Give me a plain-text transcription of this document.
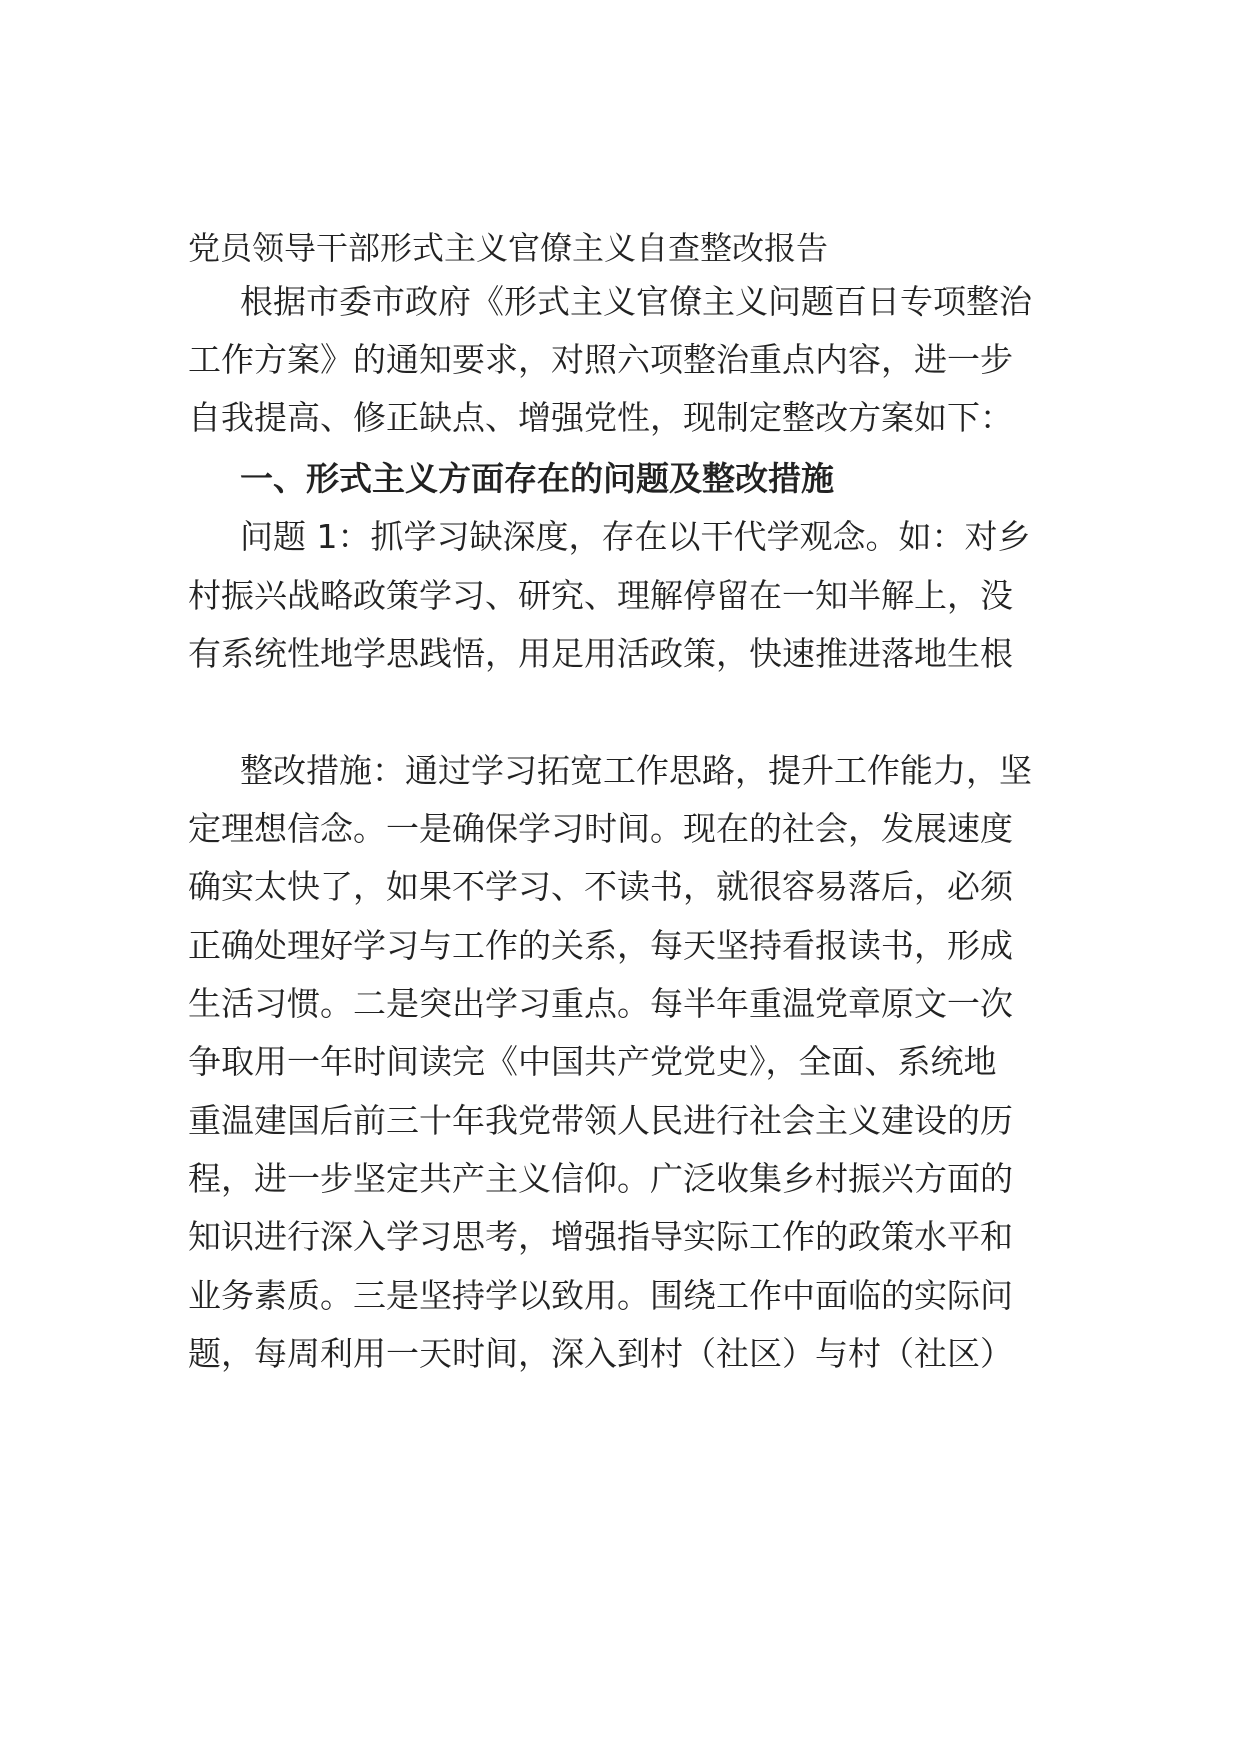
党员领导干部形式主义官僚主义自查整改报告
根据市委市政府《形式主义官僚主义问题百日专项整治
工作方案》的通知要求，对照六项整治重点内容，进一步
自我提高、修正缺点、增强党性，现制定整改方案如下：
一、形式主义方面存在的问题及整改措施
问题 1：抓学习缺深度，存在以干代学观念。如：对乡
村振兴战略政策学习、研究、理解停留在一知半解上，没
有系统性地学思践悟，用足用活政策，快速推进落地生根
整改措施：通过学习拓宽工作思路，提升工作能力，坚
定理想信念。一是确保学习时间。现在的社会，发展速度
确实太快了，如果不学习、不读书，就很容易落后，必须
正确处理好学习与工作的关系，每天坚持看报读书，形成
生活习惯。二是突出学习重点。每半年重温党章原文一次
争取用一年时间读完《中国共产党党史》，全面、系统地
重温建国后前三十年我党带领人民进行社会主义建设的历
程，进一步坚定共产主义信仰。广泛收集乡村振兴方面的
知识进行深入学习思考，增强指导实际工作的政策水平和
业务素质。三是坚持学以致用。围绕工作中面临的实际问
题，每周利用一天时间，深入到村（社区）与村（社区）
